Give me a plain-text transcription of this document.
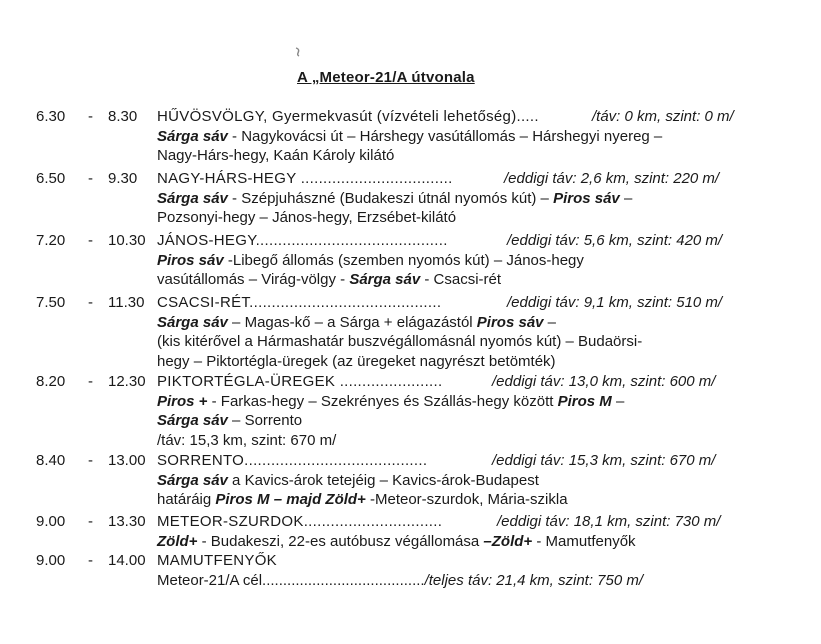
A „Meteor-21/A útvonala
6.30 - 8.30 HŰVÖSVÖLGY, Gyermekvasút (vízvételi lehetőség).....	/táv: 0 km, szint: 0 m/
Sárga sáv - Nagykovácsi út – Hárshegy vasútállomás – Hárshegyi nyereg –
Nagy-Hárs-hegy, Kaán Károly kilátó
6.50 - 9.30 NAGY-HÁRS-HEGY ..................................	/eddigi táv: 2,6 km, szint: 220 m/
Sárga sáv - Szépjuhászné (Budakeszi útnál nyomós kút) – Piros sáv –
Pozsonyi-hegy – János-hegy, Erzsébet-kilátó
7.20 - 10.30 JÁNOS-HEGY...........................................	/eddigi táv: 5,6 km, szint: 420 m/
Piros sáv -Libegő állomás (szemben nyomós kút) – János-hegy
vasútállomás – Virág-völgy - Sárga sáv - Csacsi-rét
7.50 - 11.30 CSACSI-RÉT...........................................	/eddigi táv: 9,1 km, szint: 510 m/
Sárga sáv – Magas-kő – a Sárga + elágazástól Piros sáv –
(kis kitérővel a Hármashatár buszvégállomásnál nyomós kút) – Budaörsi-
hegy – Piktortégla-üregek (az üregeket nagyrészt betömték)
8.20 - 12.30 PIKTORTÉGLA-ÜREGEK .......................	/eddigi táv: 13,0 km, szint: 600 m/
Piros + - Farkas-hegy – Szekrényes és Szállás-hegy között Piros M –
Sárga sáv – Sorrento
/táv: 15,3 km, szint: 670 m/
8.40 - 13.00 SORRENTO.........................................	/eddigi táv: 15,3 km, szint: 670 m/
Sárga sáv a Kavics-árok tetejéig – Kavics-árok-Budapest
határáig Piros M – majd Zöld+ -Meteor-szurdok, Mária-szikla
9.00 - 13.30 METEOR-SZURDOK...............................	/eddigi táv: 18,1 km, szint: 730 m/
Zöld+ - Budakeszi, 22-es autóbusz végállomása –Zöld+ - Mamutfenyők
9.00 - 14.00 MAMUTFENYŐK
Meteor-21/A cél......................................./teljes táv: 21,4 km, szint: 750 m/
